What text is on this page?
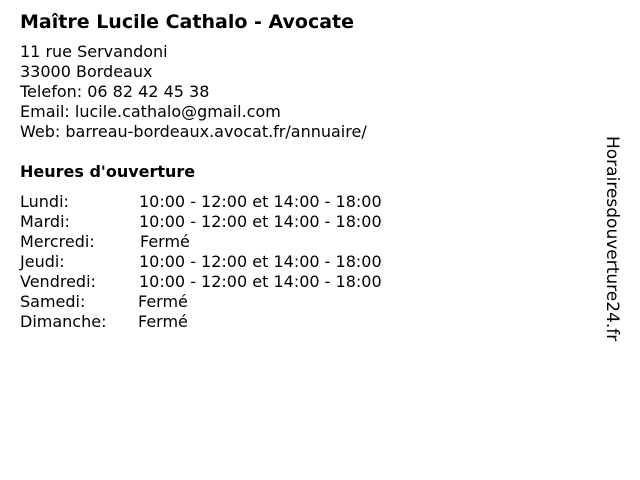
Maître Lucile Cathalo - Avocate
11 rue Servandoni
33000 Bordeaux
Telefon: 06 82 42 45 38
Email: lucile.cathalo@gmail.com
Web: barreau-bordeaux.avocat.fr/annuaire/
Heures d'ouverture
Lundi:	10:00 - 12:00 et 14:00 - 18:00
Mardi:	10:00 - 12:00 et 14:00 - 18:00
Mercredi:	Fermé
Jeudi:	10:00 - 12:00 et 14:00 - 18:00
Vendredi:	10:00 - 12:00 et 14:00 - 18:00
Samedi:	Fermé
Dimanche: Fermé	Horairesdouverture24.fr
